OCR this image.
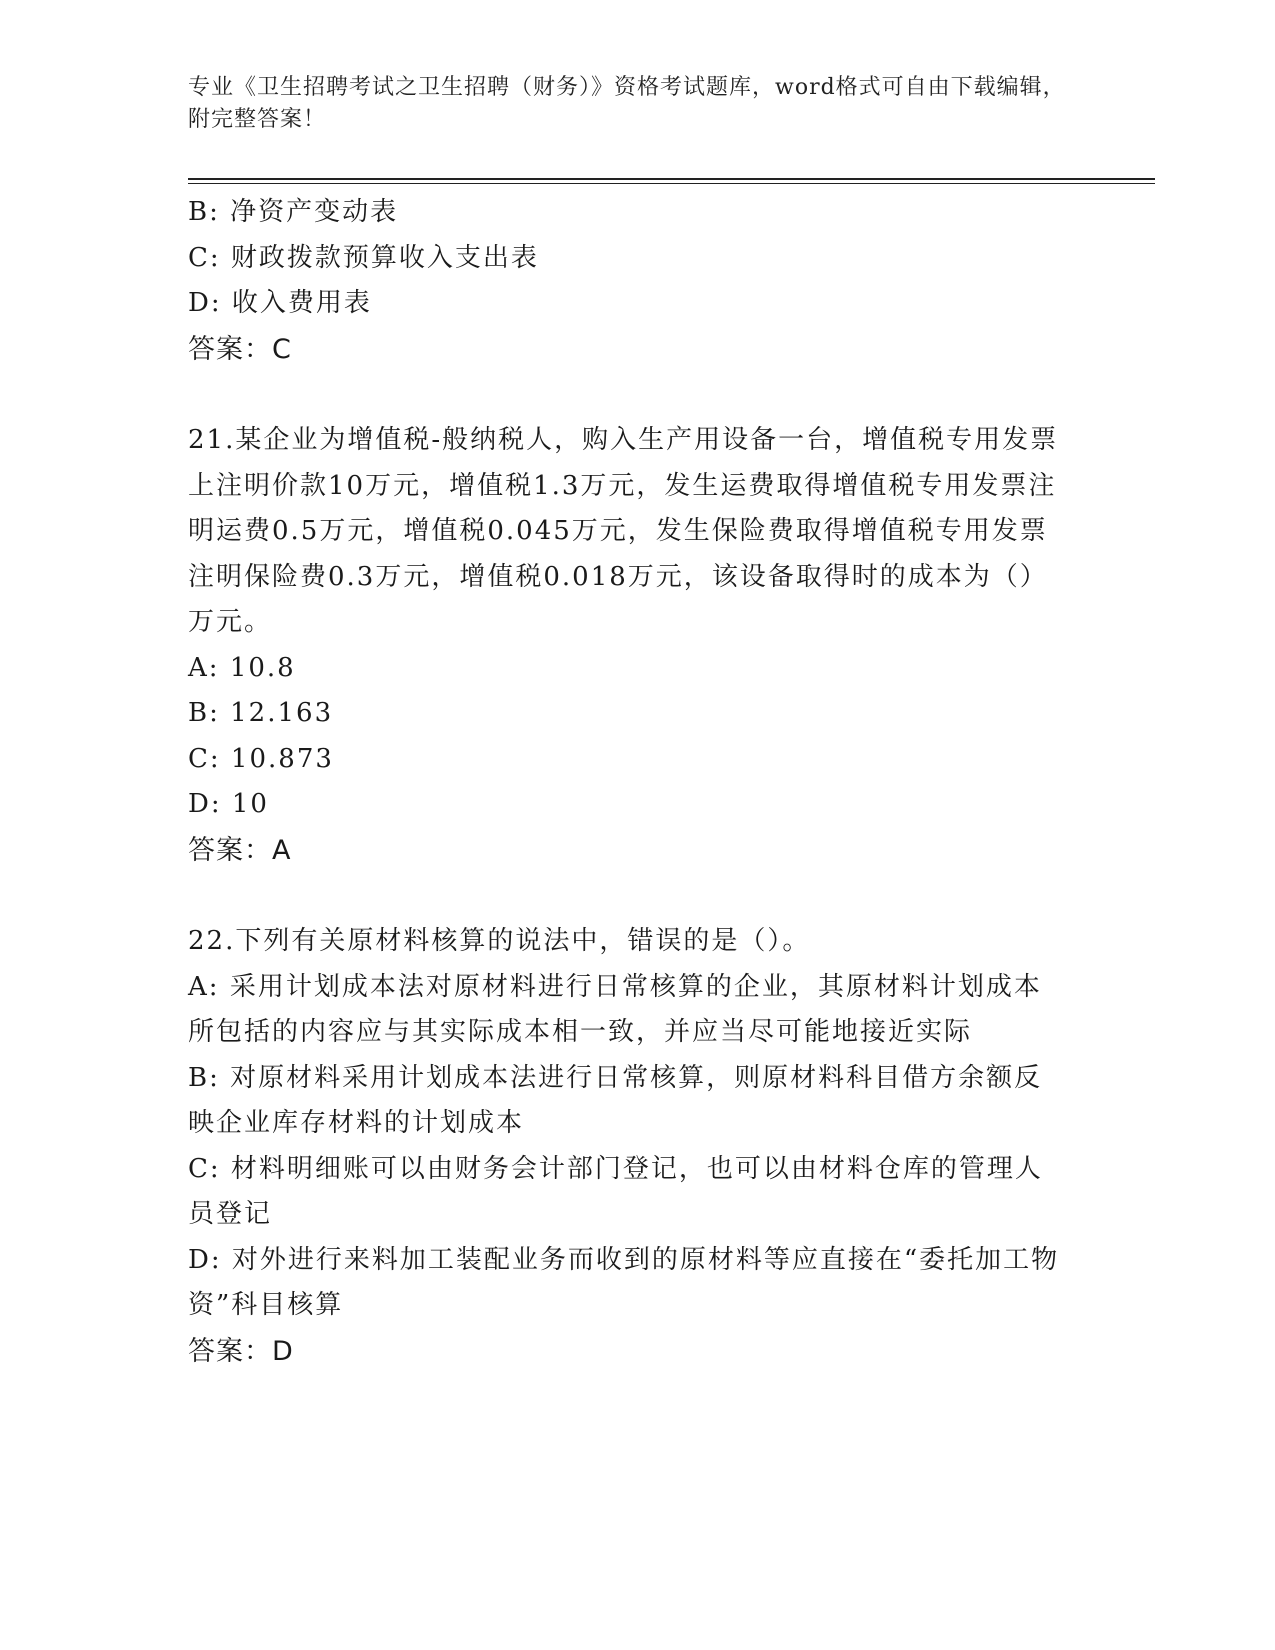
专业《卫生招聘考试之卫生招聘（财务）》资格考试题库，word格式可自由下载编辑，附完整答案！

B: 净资产变动表

C: 财政拨款预算收入支出表

D: 收入费用表

答案：C

21.某企业为增值税-般纳税人，购入生产用设备一台，增值税专用发票上注明价款10万元，增值税1.3万元，发生运费取得增值税专用发票注明运费0.5万元，增值税0.045万元，发生保险费取得增值税专用发票注明保险费0.3万元，增值税0.018万元，该设备取得时的成本为（）万元。

A: 10.8

B: 12.163

C: 10.873

D: 10

答案：A

22.下列有关原材料核算的说法中，错误的是（）。

A: 采用计划成本法对原材料进行日常核算的企业，其原材料计划成本所包括的内容应与其实际成本相一致，并应当尽可能地接近实际

B: 对原材料采用计划成本法进行日常核算，则原材料科目借方余额反映企业库存材料的计划成本

C: 材料明细账可以由财务会计部门登记，也可以由材料仓库的管理人员登记

D: 对外进行来料加工装配业务而收到的原材料等应直接在“委托加工物资”科目核算

答案：D
